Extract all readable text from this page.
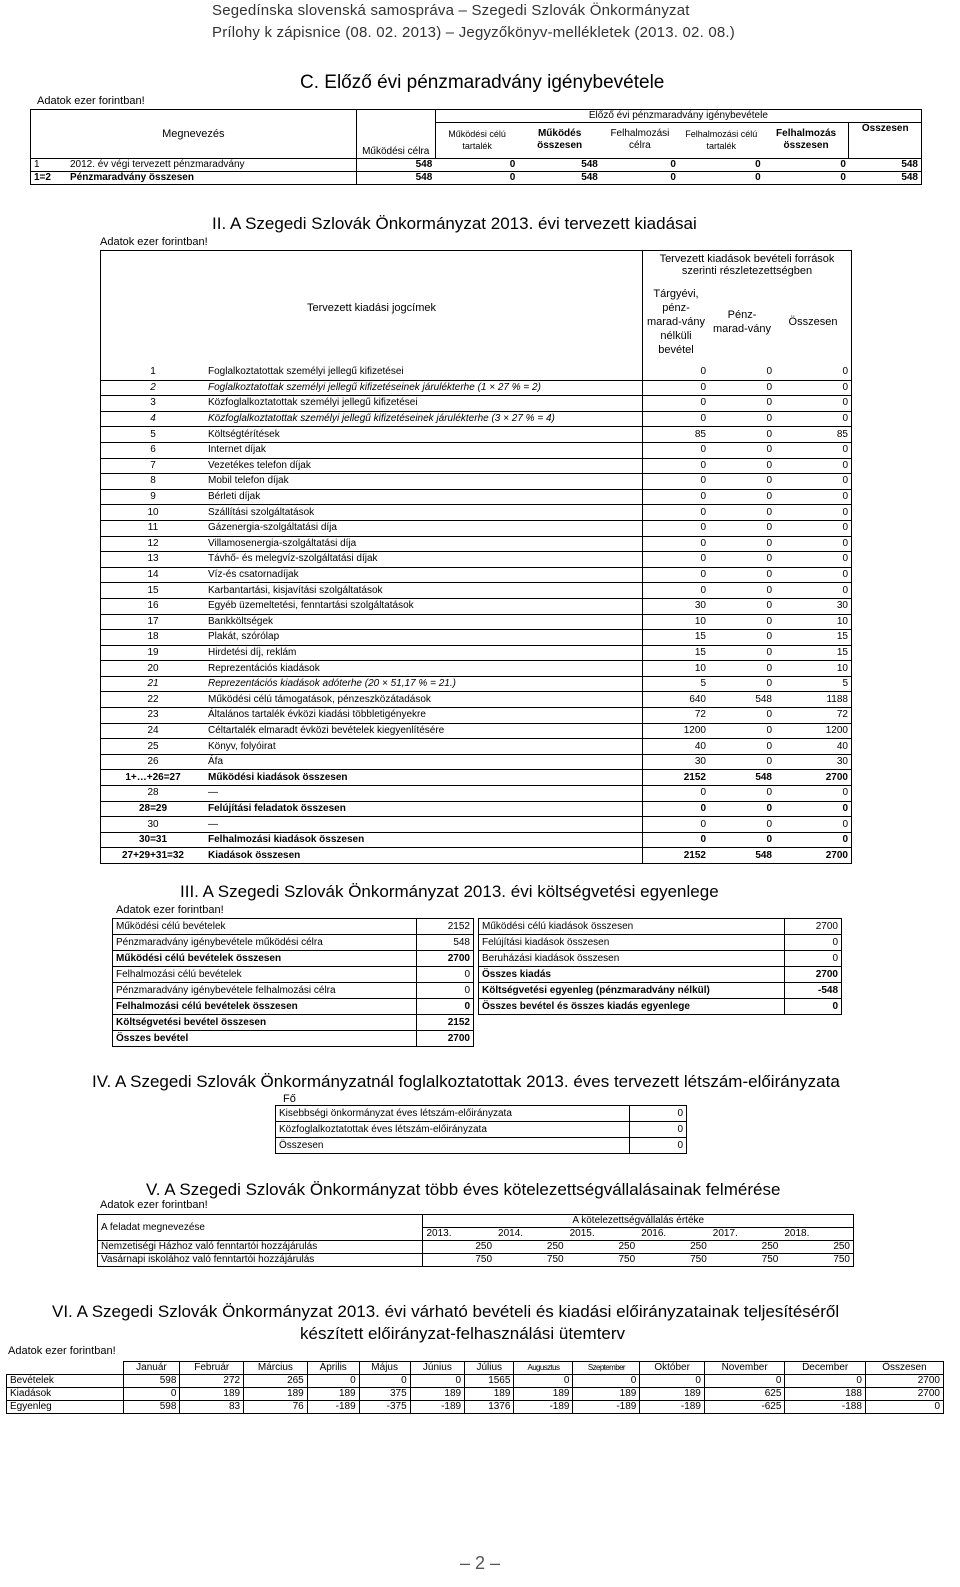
Segedínska slovenská samospráva – Szegedi Szlovák Önkormányzat
Prílohy k zápisnice (08. 02. 2013) – Jegyzőkönyv-mellékletek (2013. 02. 08.)
Adatok ezer forintban!
C. Előző évi pénzmaradvány igénybevétele
Megnevezés	Működési célra	Előző évi pénzmaradvány igénybevétele					
		Működési célú tartalék	Működés összesen	Felhalmozási célra	Felhalmozási célú tartalék	Felhalmozás összesen	Összesen

1 2012. év végi tervezett pénzmaradvány	548	0	548	0	0	0	548
1=2 Pénzmaradvány összesen	548	0	548	0	0	0	548
II. A Szegedi Szlovák Önkormányzat 2013. évi tervezett kiadásai
Adatok ezer forintban!
Tervezett kiadási jogcímek		Tervezett kiadások bevételi források szerinti részletezettségben		
		Tárgyévi, pénz-marad-vány nélküli bevétel	Pénz-marad-vány	Összesen
1	Foglalkoztatottak személyi jellegű kifizetései	0	0	0
2	Foglalkoztatottak személyi jellegű kifizetéseinek járulékterhe (1 × 27 % = 2)	0	0	0
3	Közfoglalkoztatottak személyi jellegű kifizetései	0	0	0
4	Közfoglalkoztatottak személyi jellegű kifizetéseinek járulékterhe (3 × 27 % = 4)	0	0	0
5	Költségtérítések	85	0	85
6	Internet díjak	0	0	0
7	Vezetékes telefon díjak	0	0	0
8	Mobil telefon díjak	0	0	0
9	Bérleti díjak	0	0	0
10	Szállítási szolgáltatások	0	0	0
11	Gázenergia-szolgáltatási díja	0	0	0
12	Villamosenergia-szolgáltatási díja	0	0	0
13	Távhő- és melegvíz-szolgáltatási díjak	0	0	0
14	Víz-és csatornadíjak	0	0	0
15	Karbantartási, kisjavítási szolgáltatások	0	0	0
16	Egyéb üzemeltetési, fenntartási szolgáltatások	30	0	30
17	Bankköltségek	10	0	10
18	Plakát, szórólap	15	0	15
19	Hirdetési díj, reklám	15	0	15
20	Reprezentációs kiadások	10	0	10
21	Reprezentációs kiadások adóterhe (20 × 51,17 % = 21.)	5	0	5
22	Működési célú támogatások, pénzeszközátadások	640	548	1188
23	Általános tartalék évközi kiadási többletigényekre	72	0	72
24	Céltartalék elmaradt évközi bevételek kiegyenlítésére	1200	0	1200
25	Könyv, folyóirat	40	0	40
26	Áfa	30	0	30
1+…+26=27	Működési kiadások összesen	2152	548	2700
28	—	0	0	0
28=29	Felújítási feladatok összesen	0	0	0
30	—	0	0	0
30=31	Felhalmozási kiadások összesen	0	0	0
27+29+31=32	Kiadások összesen	2152	548	2700
III. A Szegedi Szlovák Önkormányzat 2013. évi költségvetési egyenlege
Adatok ezer forintban!
Működési célú bevételek	2152
Pénzmaradvány igénybevétele működési célra	548
Működési célú bevételek összesen	2700
Felhalmozási célú bevételek	0
Pénzmaradvány igénybevétele felhalmozási célra	0
Felhalmozási célú bevételek összesen	0
Költségvetési bevétel összesen	2152
Összes bevétel	2700
Működési célú kiadások összesen	2700
Felújítási kiadások összesen	0
Beruházási kiadások összesen	0
Összes kiadás	2700
Költségvetési egyenleg (pénzmaradvány nélkül)	-548
Összes bevétel és összes kiadás egyenlege	0
IV. A Szegedi Szlovák Önkormányzatnál foglalkoztatottak 2013. éves tervezett létszám-előirányzata
Fő
Kisebbségi önkormányzat éves létszám-előirányzata	0
Közfoglalkoztatottak éves létszám-előirányzata	0
Összesen	0
V. A Szegedi Szlovák Önkormányzat több éves kötelezettségvállalásainak felmérése
Adatok ezer forintban!
A feladat megnevezése	A kötelezettségvállalás értéke					
	2013.	2014.	2015.	2016.	2017.	2018.
Nemzetiségi Házhoz való fenntartói hozzájárulás	250	250	250	250	250	250
Vasárnapi iskolához való fenntartói hozzájárulás	750	750	750	750	750	750
VI. A Szegedi Szlovák Önkormányzat 2013. évi várható bevételi és kiadási előirányzatainak teljesítéséről
készített előirányzat-felhasználási ütemterv
Adatok ezer forintban!
	Január	Február	Március	Április	Május	Június	Július	Augusztus	Szeptember	Október	November	December	Összesen
Bevételek	598	272	265	0	0	0	1565	0	0	0	0	0	2700
Kiadások	0	189	189	189	375	189	189	189	189	189	625	188	2700
Egyenleg	598	83	76	-189	-375	-189	1376	-189	-189	-189	-625	-188	0
– 2 –
